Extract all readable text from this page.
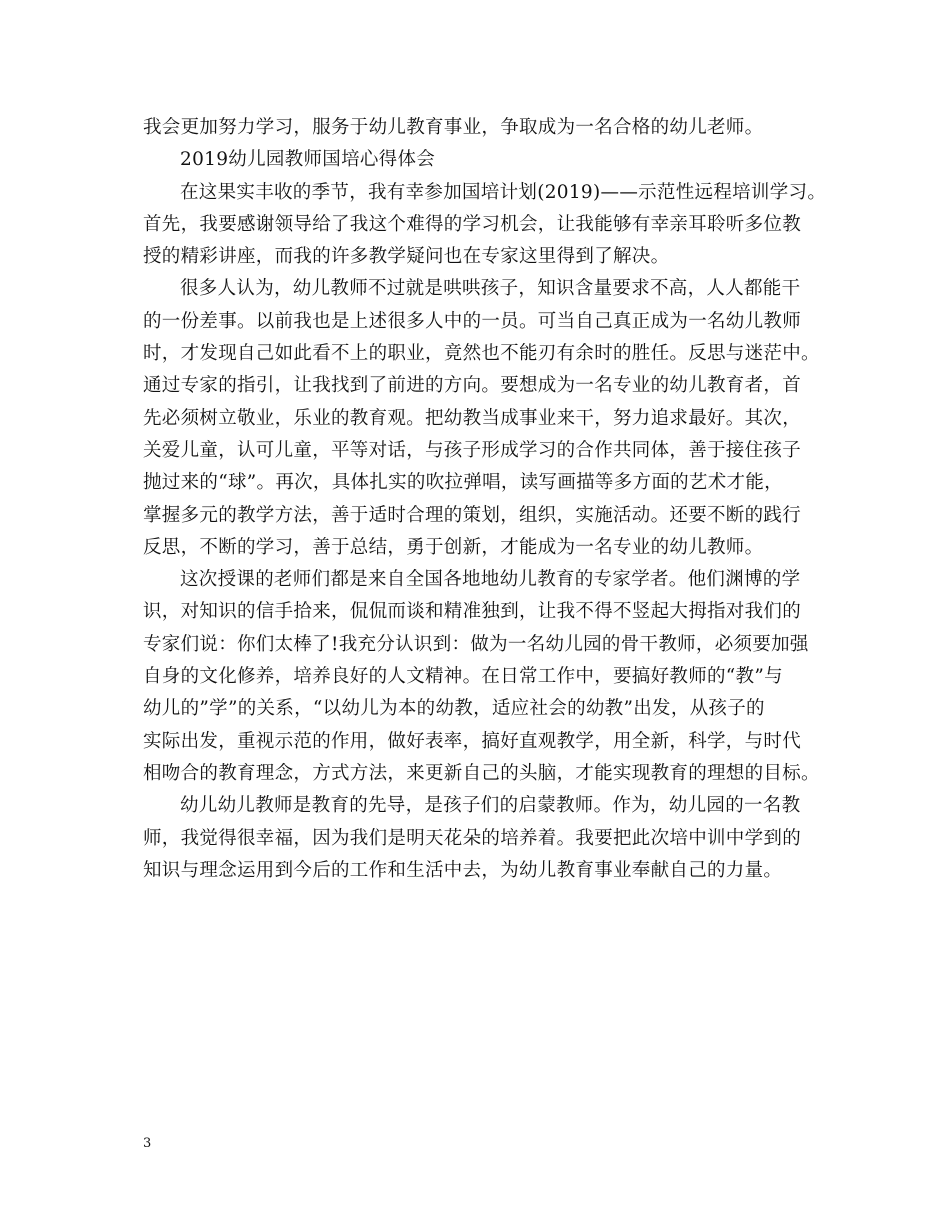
我会更加努力学习，服务于幼儿教育事业，争取成为一名合格的幼儿老师。
2019幼儿园教师国培心得体会
在这果实丰收的季节，我有幸参加国培计划(2019)——示范性远程培训学习。
首先，我要感谢领导给了我这个难得的学习机会，让我能够有幸亲耳聆听多位教
授的精彩讲座，而我的许多教学疑问也在专家这里得到了解决。
很多人认为，幼儿教师不过就是哄哄孩子，知识含量要求不高，人人都能干
的一份差事。以前我也是上述很多人中的一员。可当自己真正成为一名幼儿教师
时，才发现自己如此看不上的职业，竟然也不能刃有余时的胜任。反思与迷茫中。
通过专家的指引，让我找到了前进的方向。要想成为一名专业的幼儿教育者，首
先必须树立敬业，乐业的教育观。把幼教当成事业来干，努力追求最好。其次，
关爱儿童，认可儿童，平等对话，与孩子形成学习的合作共同体，善于接住孩子
抛过来的“球”。再次，具体扎实的吹拉弹唱，读写画描等多方面的艺术才能，
掌握多元的教学方法，善于适时合理的策划，组织，实施活动。还要不断的践行
反思，不断的学习，善于总结，勇于创新，才能成为一名专业的幼儿教师。
这次授课的老师们都是来自全国各地地幼儿教育的专家学者。他们渊博的学
识，对知识的信手拾来，侃侃而谈和精准独到，让我不得不竖起大拇指对我们的
专家们说：你们太棒了!我充分认识到：做为一名幼儿园的骨干教师，必须要加强
自身的文化修养，培养良好的人文精神。在日常工作中，要搞好教师的“教”与
幼儿的”学”的关系，“以幼儿为本的幼教，适应社会的幼教”出发，从孩子的
实际出发，重视示范的作用，做好表率，搞好直观教学，用全新，科学，与时代
相吻合的教育理念，方式方法，来更新自己的头脑，才能实现教育的理想的目标。
幼儿幼儿教师是教育的先导，是孩子们的启蒙教师。作为，幼儿园的一名教
师，我觉得很幸福，因为我们是明天花朵的培养着。我要把此次培中训中学到的
知识与理念运用到今后的工作和生活中去，为幼儿教育事业奉献自己的力量。
3
